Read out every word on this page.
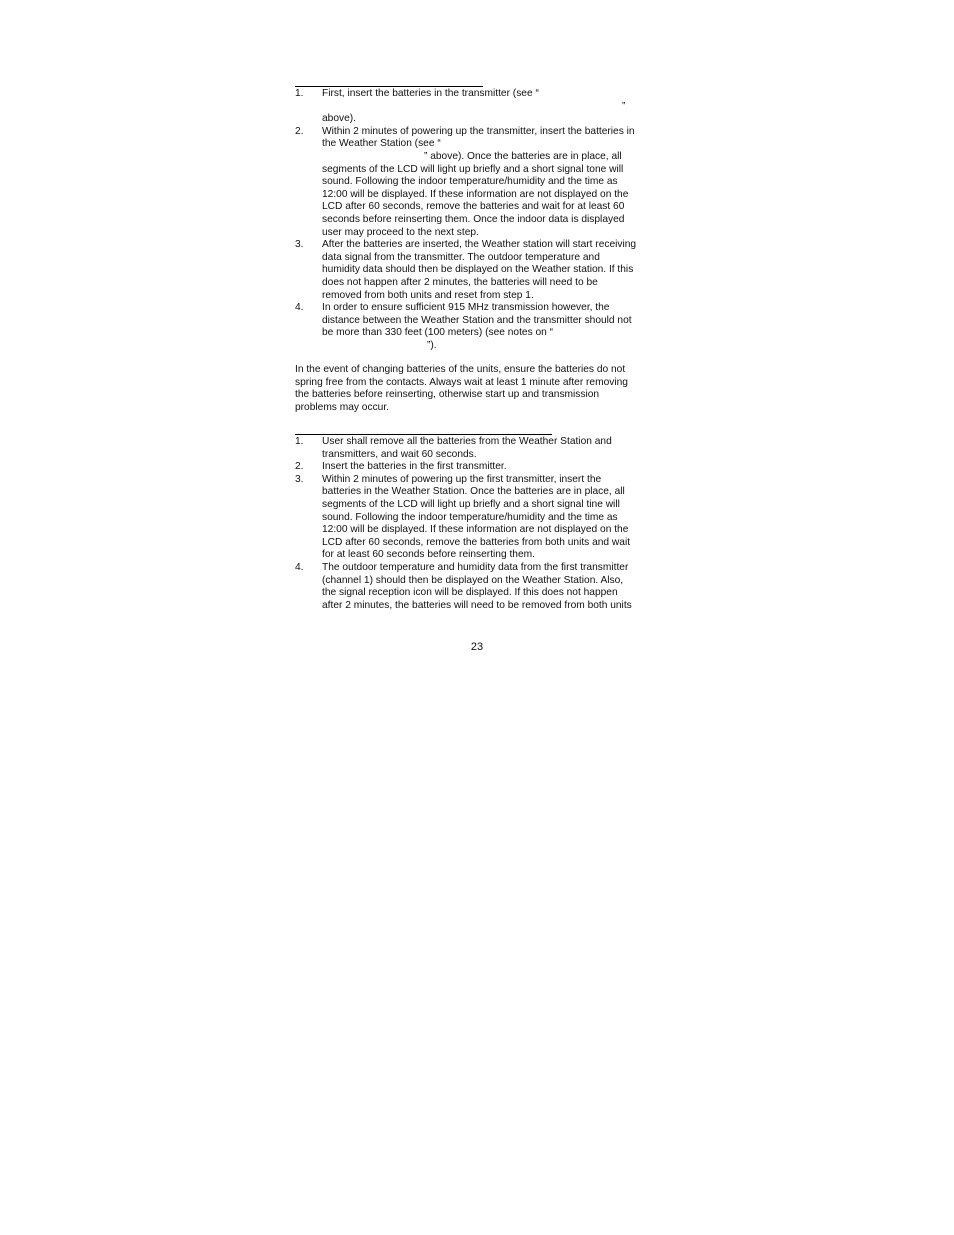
1. First, insert the batteries in the transmitter (see “
”
above).
2. Within 2 minutes of powering up the transmitter, insert the batteries in
the Weather Station (see “
” above). Once the batteries are in place, all
segments of the LCD will light up briefly and a short signal tone will
sound. Following the indoor temperature/humidity and the time as
12:00 will be displayed. If these information are not displayed on the
LCD after 60 seconds, remove the batteries and wait for at least 60
seconds before reinserting them. Once the indoor data is displayed
user may proceed to the next step.
3. After the batteries are inserted, the Weather station will start receiving
data signal from the transmitter. The outdoor temperature and
humidity data should then be displayed on the Weather station. If this
does not happen after 2 minutes, the batteries will need to be
removed from both units and reset from step 1.
4. In order to ensure sufficient 915 MHz transmission however, the
distance between the Weather Station and the transmitter should not
be more than 330 feet (100 meters) (see notes on “
”).
In the event of changing batteries of the units, ensure the batteries do not
spring free from the contacts. Always wait at least 1 minute after removing
the batteries before reinserting, otherwise start up and transmission
problems may occur.
1. User shall remove all the batteries from the Weather Station and
transmitters, and wait 60 seconds.
2. Insert the batteries in the first transmitter.
3. Within 2 minutes of powering up the first transmitter, insert the
batteries in the Weather Station. Once the batteries are in place, all
segments of the LCD will light up briefly and a short signal tine will
sound. Following the indoor temperature/humidity and the time as
12:00 will be displayed. If these information are not displayed on the
LCD after 60 seconds, remove the batteries from both units and wait
for at least 60 seconds before reinserting them.
4. The outdoor temperature and humidity data from the first transmitter
(channel 1) should then be displayed on the Weather Station. Also,
the signal reception icon will be displayed. If this does not happen
after 2 minutes, the batteries will need to be removed from both units
23
